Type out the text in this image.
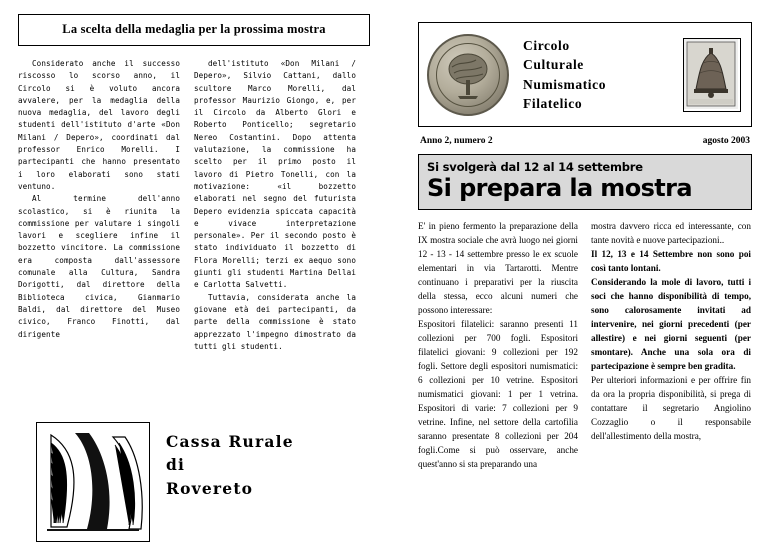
La scelta della medaglia per la prossima mostra

Considerato anche il successo riscosso lo scorso anno, il Circolo si è voluto ancora avvalere, per la medaglia della nuova medaglia, del lavoro degli studenti dell'istituto d'arte «Don Milani / Depero», coordinati dal professor Enrico Morelli. I partecipanti che hanno presentato i loro elaborati sono stati ventuno.

Al termine dell'anno scolastico, si è riunita la commissione per valutare i singoli lavori e scegliere infine il bozzetto vincitore. La commissione era composta dall'assessore comunale alla Cultura, Sandra Dorigotti, dal direttore della Biblioteca civica, Gianmario Baldi, dal direttore del Museo civico, Franco Finotti, dal dirigente

dell'istituto «Don Milani / Depero», Silvio Cattani, dallo scultore Marco Morelli, dal professor Maurizio Giongo, e, per il Circolo da Alberto Glori e Roberto Ponticello; segretario Nereo Costantini. Dopo attenta valutazione, la commissione ha scelto per il primo posto il lavoro di Pietro Tonelli, con la motivazione: «il bozzetto elaborati nel segno del futurista Depero evidenzia spiccata capacità e vivace interpretazione personale». Per il secondo posto è stato individuato il bozzetto di Flora Morelli; terzi ex aequo sono giunti gli studenti Martina Dellai e Carlotta Salvetti.

Tuttavia, considerata anche la giovane età dei partecipanti, da parte della commissione è stato apprezzato l'impegno dimostrato da tutti gli studenti.

Cassa Rurale
di
Rovereto
Circolo
Culturale
Numismatico
Filatelico
Anno 2, numero 2	agosto 2003
Si svolgerà dal 12 al 14 settembre
Si prepara la mostra

E' in pieno fermento la preparazione della IX mostra sociale che avrà luogo nei giorni 12 - 13 - 14 settembre presso le ex scuole elementari in via Tartarotti. Mentre continuano i preparativi per la riuscita della stessa, ecco alcuni numeri che possono interessare:

Espositori filatelici: saranno presenti 11 collezioni per 700 fogli. Espositori filatelici giovani: 9 collezioni per 192 fogli. Settore degli espositori numismatici: 6 collezioni per 10 vetrine. Espositori numismatici giovani: 1 per 1 vetrina. Espositori di varie: 7 collezioni per 9 vetrine. Infine, nel settore della cartofilia saranno presentate 8 collezioni per 204 fogli.Come si può osservare, anche quest'anno si sta preparando una

mostra davvero ricca ed interessante, con tante novità e nuove partecipazioni..

Il 12, 13 e 14 Settembre non sono poi così tanto lontani.

Considerando la mole di lavoro, tutti i soci che hanno disponibilità di tempo, sono calorosamente invitati ad intervenire, nei giorni precedenti (per allestire) e nei giorni seguenti (per smontare). Anche una sola ora di partecipazione è sempre ben gradita.

Per ulteriori informazioni e per offrire fin da ora la propria disponibilità, si prega di contattare il segretario Angiolino Cozzaglio o il responsabile dell'allestimento della mostra,
